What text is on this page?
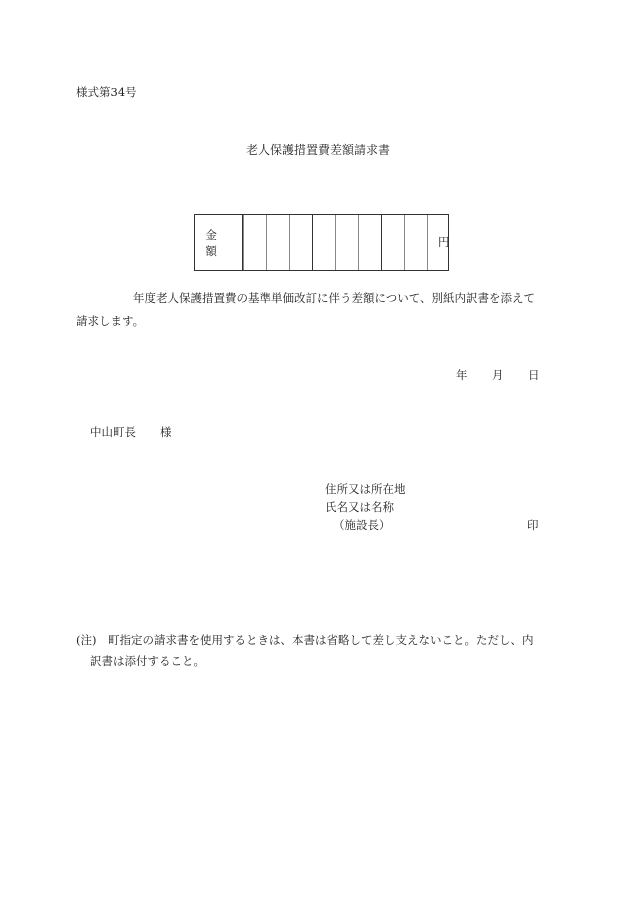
様式第34号
老人保護措置費差額請求書
金額
円
年度老人保護措置費の基準単価改訂に伴う差額について、別紙内訳書を添えて
請求します。
年 月 日
中山町長 様
住所又は所在地
氏名又は名称
（施設長）	印
(注)　町指定の請求書を使用するときは、本書は省略して差し支えないこと。ただし、内
訳書は添付すること。
